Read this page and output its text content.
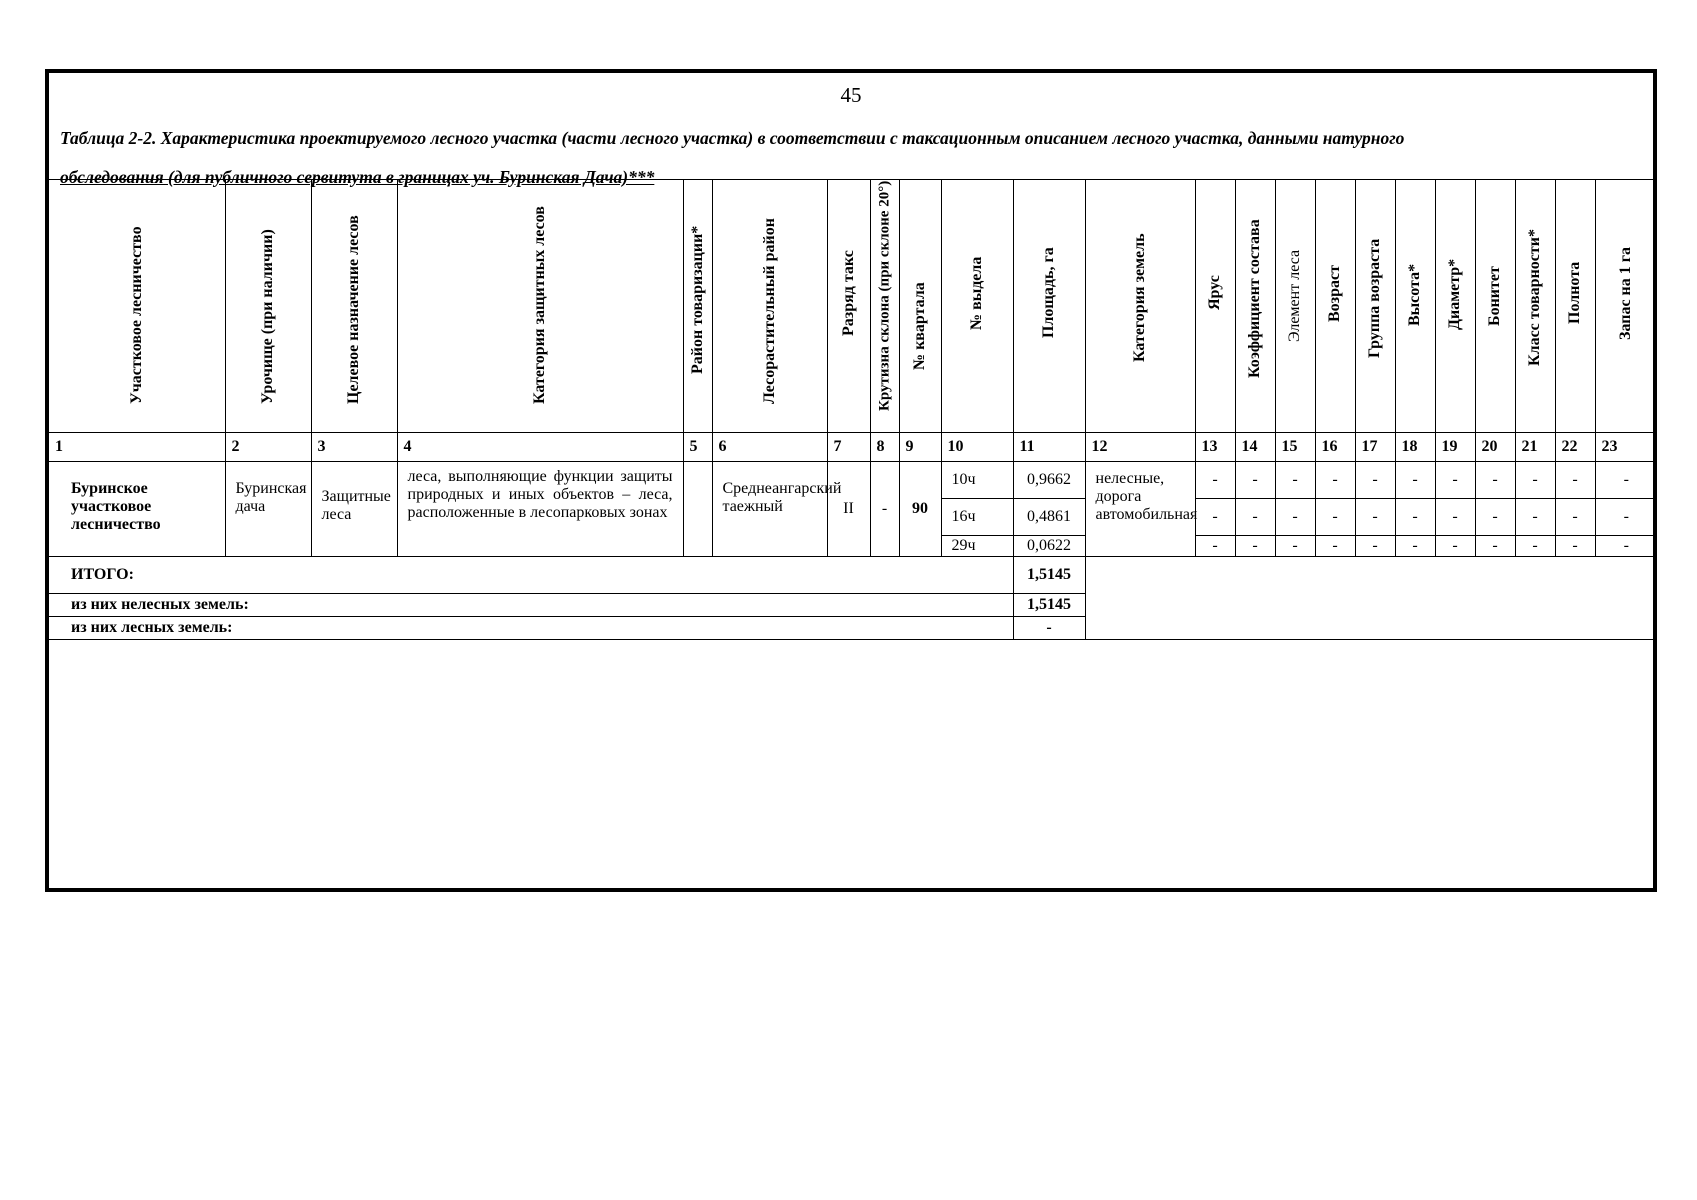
45
Таблица 2-2. Характеристика проектируемого лесного участка (части лесного участка) в соответствии с таксационным описанием лесного участка, данными натурного
обследования (для публичного сервитута в границах уч. Буринская Дача)***
Участковое лесничество	Урочище (при наличии)	Целевое назначение лесов	Категория защитных лесов	Район товаризации*	Лесорастительный район	Разряд такс	Крутизна склона (при склоне 20°)	№ квартала	№ выдела	Площадь, га	Категория земель	Ярус	Коэффициент состава	Элемент леса	Возраст	Группа возраста	Высота*	Диаметр*	Бонитет	Класс товарности*	Полнота	Запас на 1 га

1	2	3	4	5	6	7	8	9	10	11	12	13	14	15	16	17	18	19	20	21	22	23
Буринское участковое лесничество	Буринская дача	Защитные леса	леса, выполняющие функции защиты природных и иных объектов – леса, расположенные в лесопарковых зонах		Среднеангарский таежный	II	-	90	10ч	0,9662	нелесные, дорога автомобильная	-	-	-	-	-	-	-	-	-	-	-
									16ч	0,4861		-	-	-	-	-	-	-	-	-	-	-
									29ч	0,0622		-	-	-	-	-	-	-	-	-	-	-
ИТОГО:										1,5145												
из них нелесных земель:										1,5145												
из них лесных земель:										-												
